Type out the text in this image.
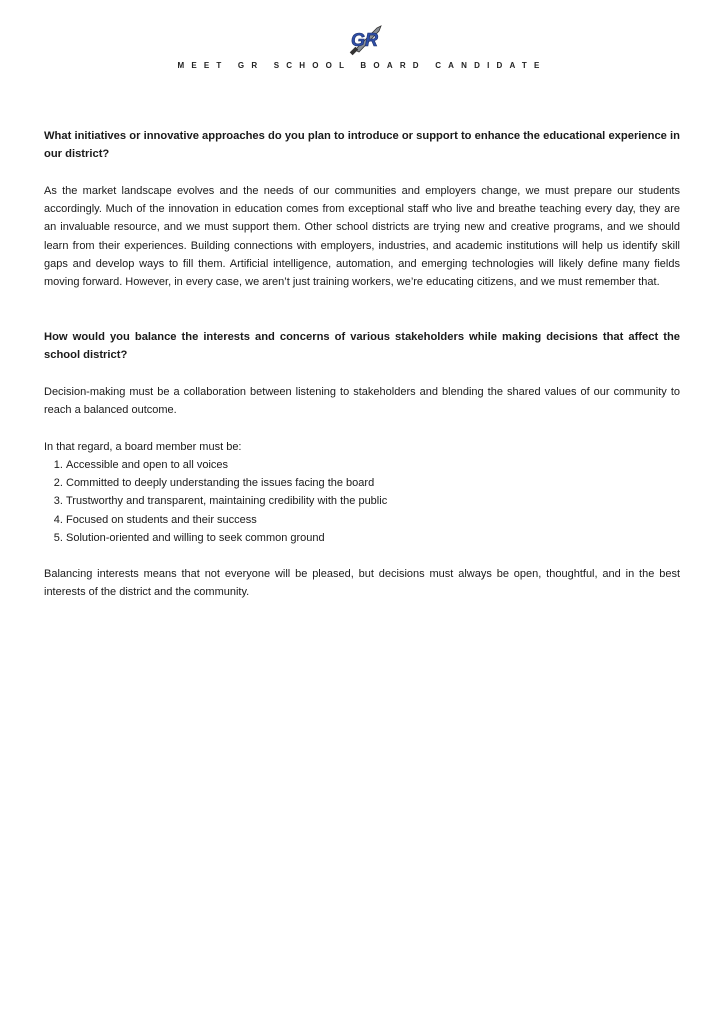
GR
MEET GR SCHOOL BOARD CANDIDATE
What initiatives or innovative approaches do you plan to introduce or support to enhance the educational experience in our district?
As the market landscape evolves and the needs of our communities and employers change, we must prepare our students accordingly. Much of the innovation in education comes from exceptional staff who live and breathe teaching every day, they are an invaluable resource, and we must support them. Other school districts are trying new and creative programs, and we should learn from their experiences. Building connections with employers, industries, and academic institutions will help us identify skill gaps and develop ways to fill them. Artificial intelligence, automation, and emerging technologies will likely define many fields moving forward. However, in every case, we aren’t just training workers, we’re educating citizens, and we must remember that.
How would you balance the interests and concerns of various stakeholders while making decisions that affect the school district?
Decision-making must be a collaboration between listening to stakeholders and blending the shared values of our community to reach a balanced outcome.
In that regard, a board member must be:
1. Accessible and open to all voices
2. Committed to deeply understanding the issues facing the board
3. Trustworthy and transparent, maintaining credibility with the public
4. Focused on students and their success
5. Solution-oriented and willing to seek common ground
Balancing interests means that not everyone will be pleased, but decisions must always be open, thoughtful, and in the best interests of the district and the community.
